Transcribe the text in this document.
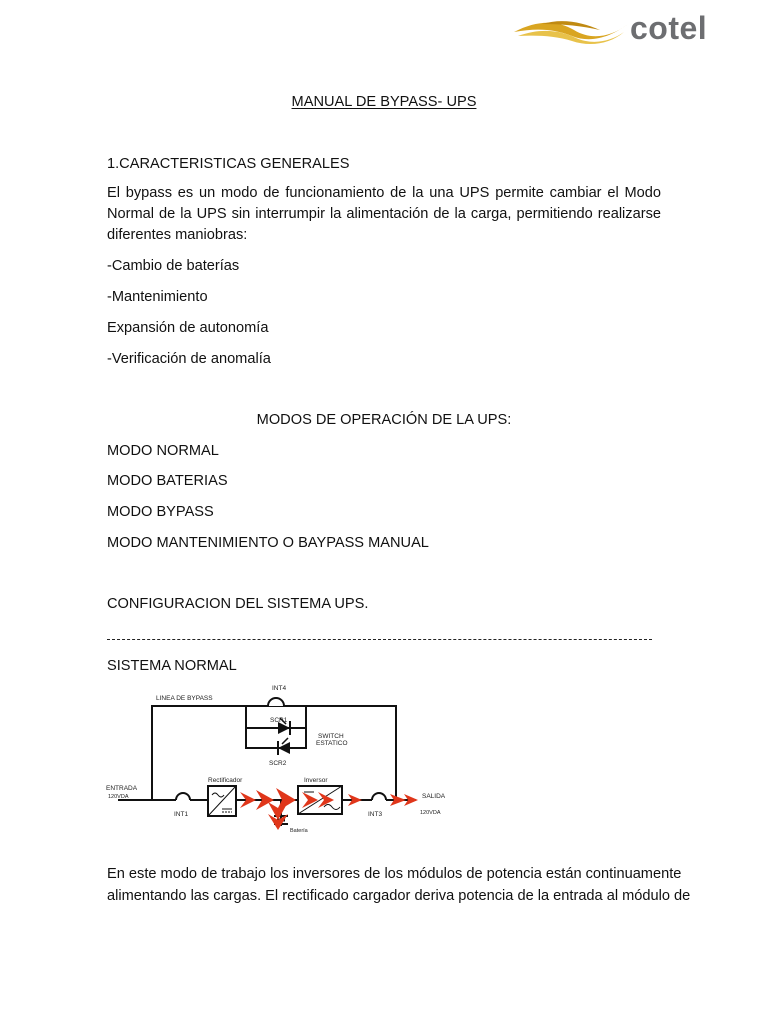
cotel
MANUAL DE BYPASS- UPS
1.CARACTERISTICAS GENERALES
El bypass es un modo de funcionamiento de la una UPS permite cambiar el Modo Normal de la UPS sin interrumpir la alimentación de la carga, permitiendo realizarse diferentes maniobras:
-Cambio de baterías
-Mantenimiento
Expansión de autonomía
-Verificación de anomalía
MODOS DE OPERACIÓN DE LA UPS:
MODO NORMAL
MODO BATERIAS
MODO BYPASS
MODO MANTENIMIENTO O BAYPASS MANUAL
CONFIGURACION DEL SISTEMA UPS.
SISTEMA NORMAL
LINEA DE BYPASS
INT4
SCR1
SCR2
SWITCH
ESTATICO
ENTRADA
120VDA
INT1
Rectificador	Inversor
INT3
SALIDA
120VDA
Batería
En este modo de trabajo los inversores de los módulos de potencia están continuamente
alimentando las cargas. El rectificado cargador deriva potencia de la entrada al módulo de
